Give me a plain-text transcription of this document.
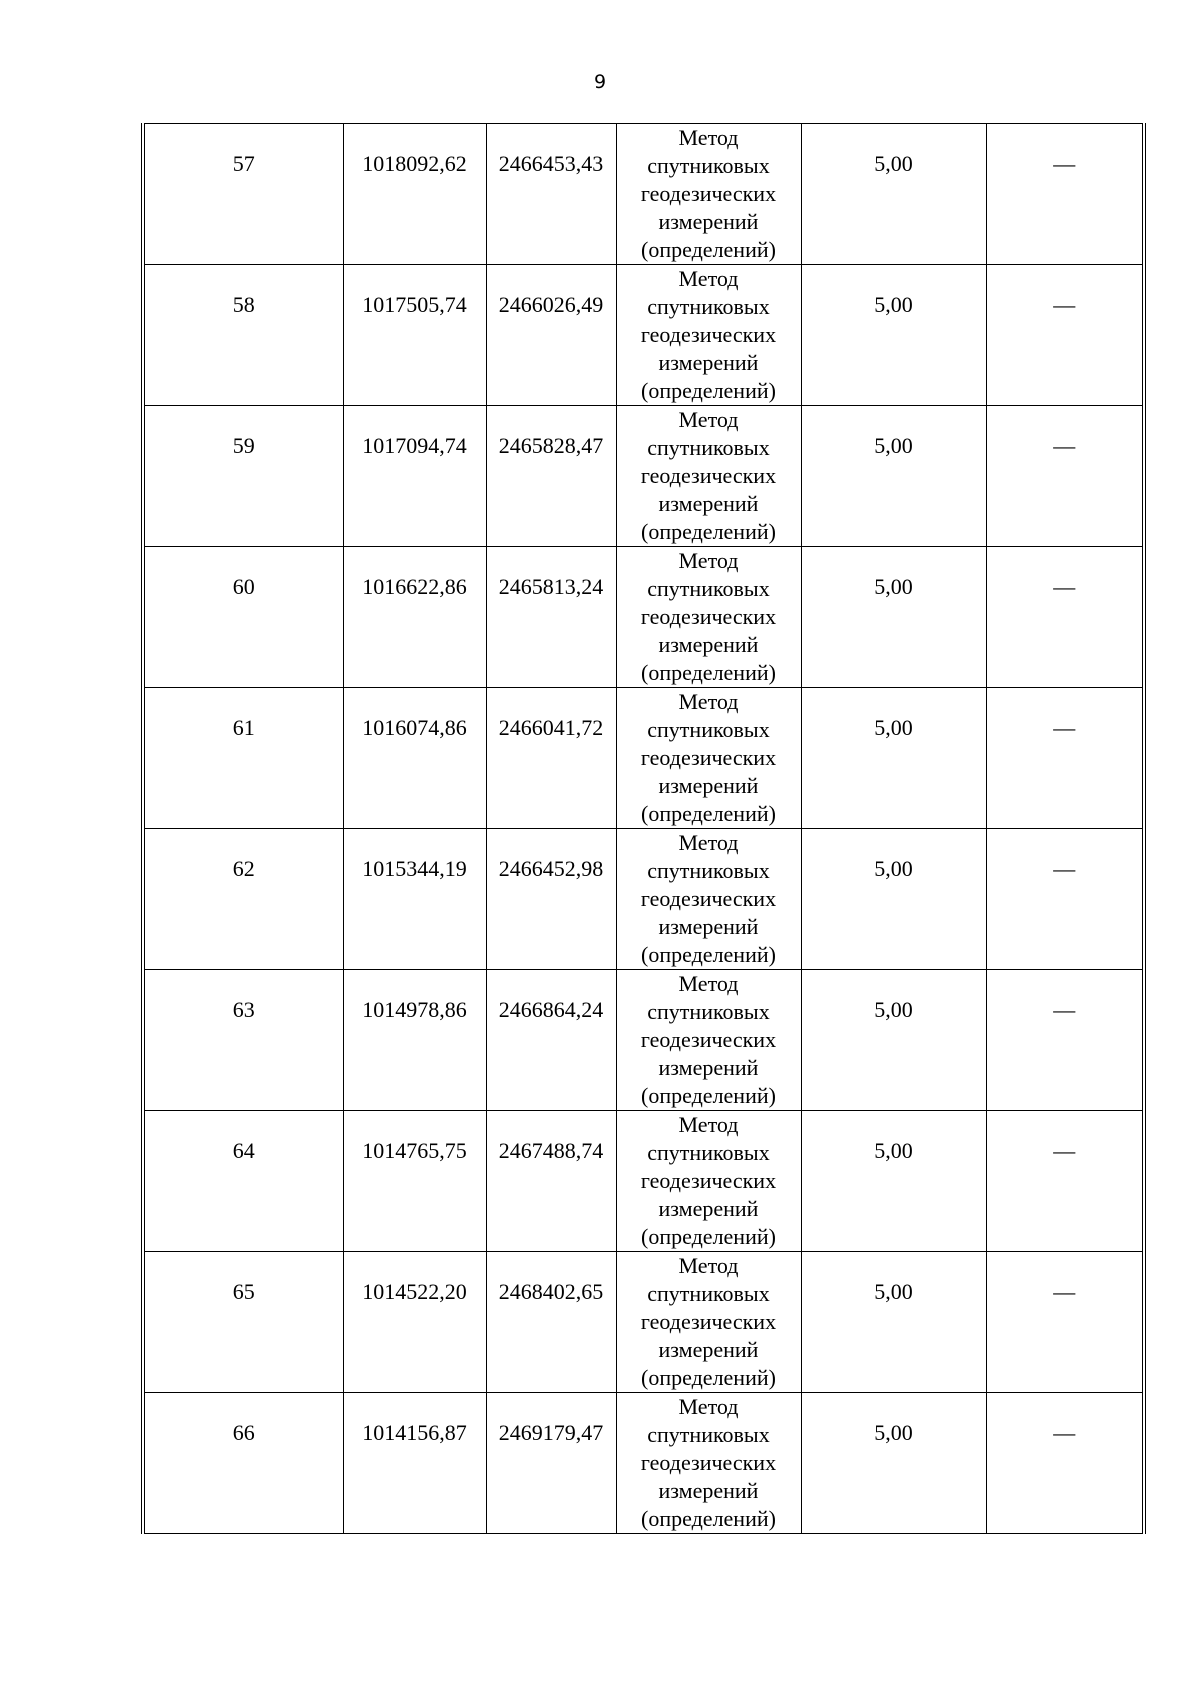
9
57	1018092,62	2466453,43	Метод
спутниковых
геодезических
измерений
(определений)	5,00	—
58	1017505,74	2466026,49	Метод
спутниковых
геодезических
измерений
(определений)	5,00	—
59	1017094,74	2465828,47	Метод
спутниковых
геодезических
измерений
(определений)	5,00	—
60	1016622,86	2465813,24	Метод
спутниковых
геодезических
измерений
(определений)	5,00	—
61	1016074,86	2466041,72	Метод
спутниковых
геодезических
измерений
(определений)	5,00	—
62	1015344,19	2466452,98	Метод
спутниковых
геодезических
измерений
(определений)	5,00	—
63	1014978,86	2466864,24	Метод
спутниковых
геодезических
измерений
(определений)	5,00	—
64	1014765,75	2467488,74	Метод
спутниковых
геодезических
измерений
(определений)	5,00	—
65	1014522,20	2468402,65	Метод
спутниковых
геодезических
измерений
(определений)	5,00	—
66	1014156,87	2469179,47	Метод
спутниковых
геодезических
измерений
(определений)	5,00	—
